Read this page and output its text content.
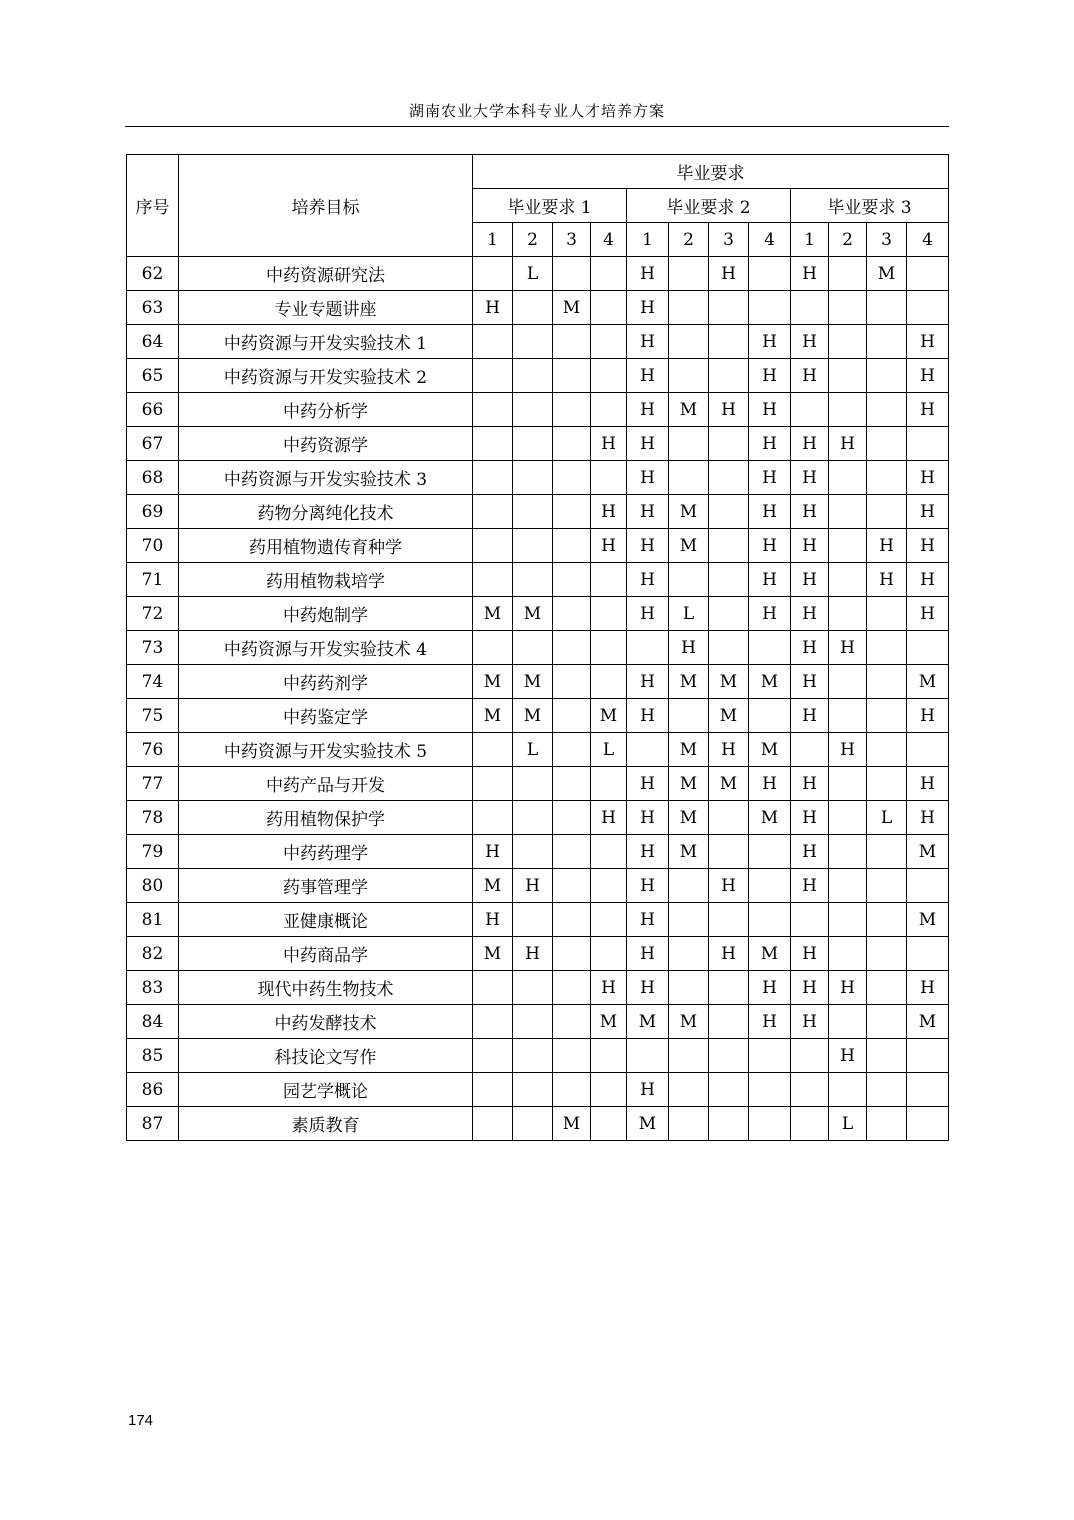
湖南农业大学本科专业人才培养方案
序号	培养目标	毕业要求											
		毕业要求 1				毕业要求 2				毕业要求 3			
		1	2	3	4	1	2	3	4	1	2	3	4
62	中药资源研究法		L			H		H		H		M	
63	专业专题讲座	H		M		H							
64	中药资源与开发实验技术 1					H			H	H			H
65	中药资源与开发实验技术 2					H			H	H			H
66	中药分析学					H	M	H	H				H
67	中药资源学				H	H			H	H	H		
68	中药资源与开发实验技术 3					H			H	H			H
69	药物分离纯化技术				H	H	M		H	H			H
70	药用植物遗传育种学				H	H	M		H	H		H	H
71	药用植物栽培学					H			H	H		H	H
72	中药炮制学	M	M			H	L		H	H			H
73	中药资源与开发实验技术 4						H			H	H		
74	中药药剂学	M	M			H	M	M	M	H			M
75	中药鉴定学	M	M		M	H		M		H			H
76	中药资源与开发实验技术 5		L		L		M	H	M		H		
77	中药产品与开发					H	M	M	H	H			H
78	药用植物保护学				H	H	M		M	H		L	H
79	中药药理学	H				H	M			H			M
80	药事管理学	M	H			H		H		H			
81	亚健康概论	H				H							M
82	中药商品学	M	H			H		H	M	H			
83	现代中药生物技术				H	H			H	H	H		H
84	中药发酵技术				M	M	M		H	H			M
85	科技论文写作										H		
86	园艺学概论					H							
87	素质教育			M		M					L		
174
